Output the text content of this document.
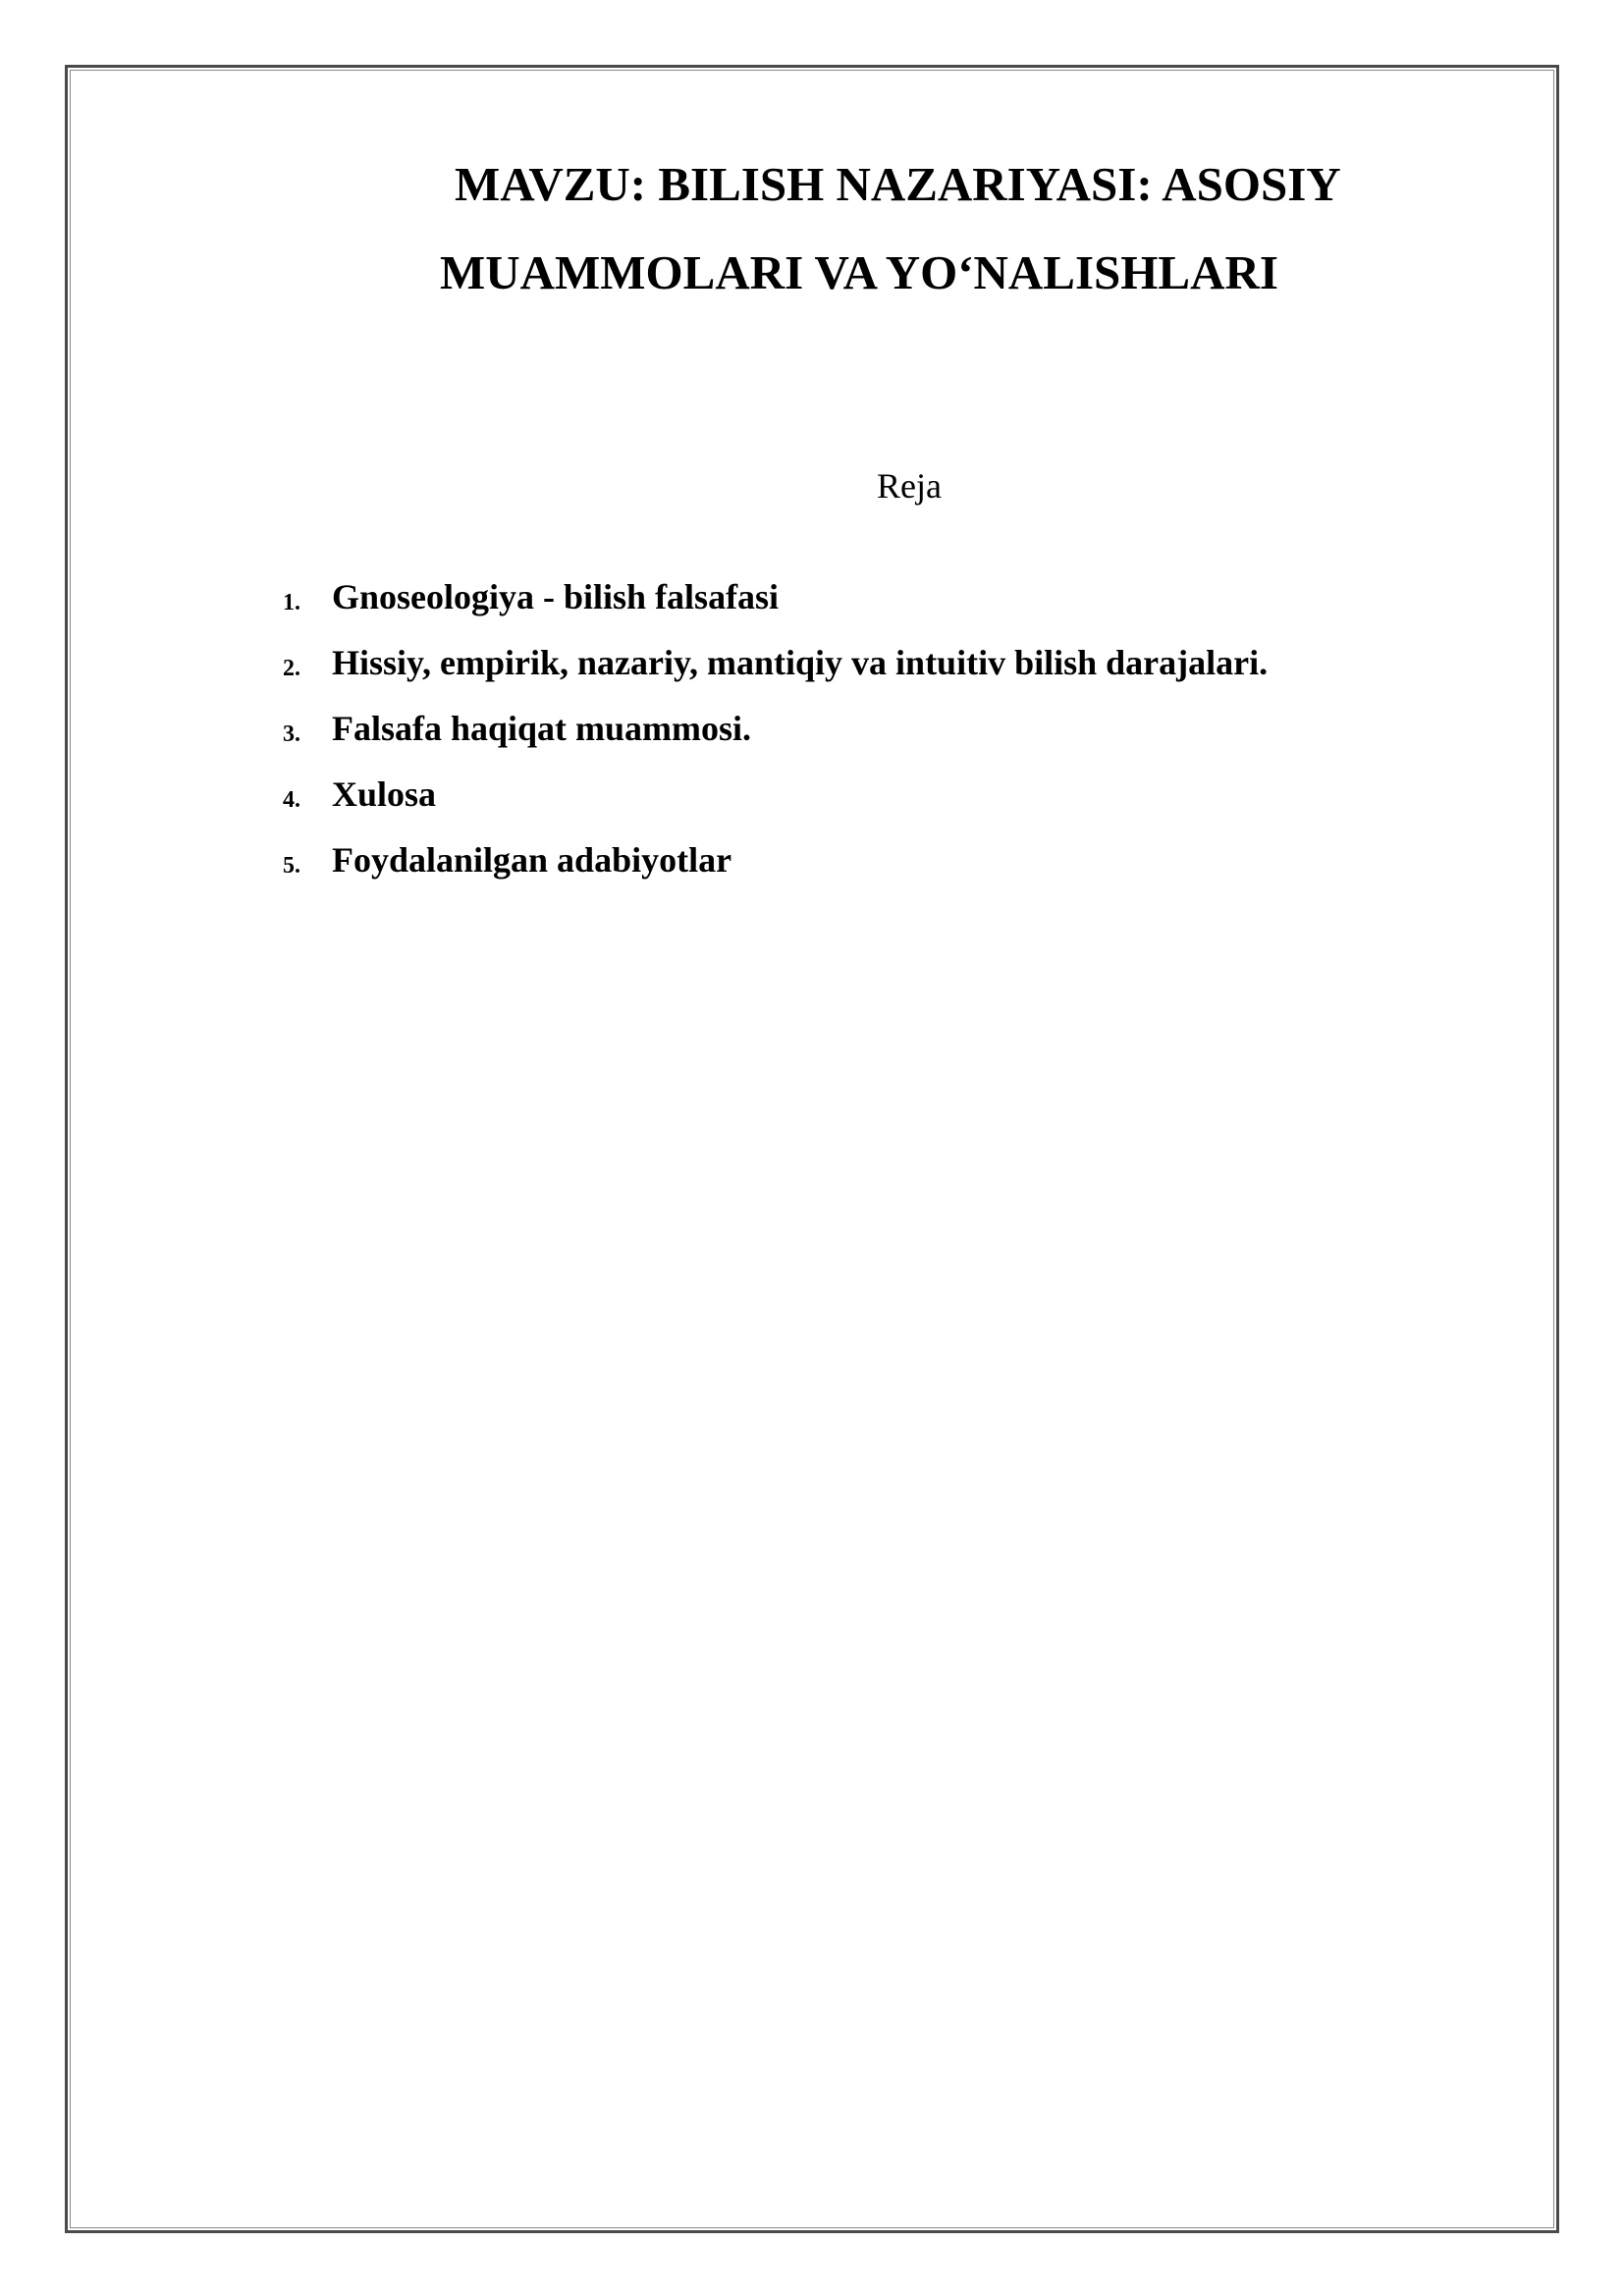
MAVZU: BILISH NAZARIYASI: ASOSIY
MUAMMOLARI VA YO‘NALISHLARI
Reja
1. Gnoseologiya - bilish falsafasi
2. Hissiy, empirik, nazariy, mantiqiy va intuitiv bilish darajalari.
3. Falsafa haqiqat muammosi.
4. Xulosa
5. Foydalanilgan adabiyotlar
